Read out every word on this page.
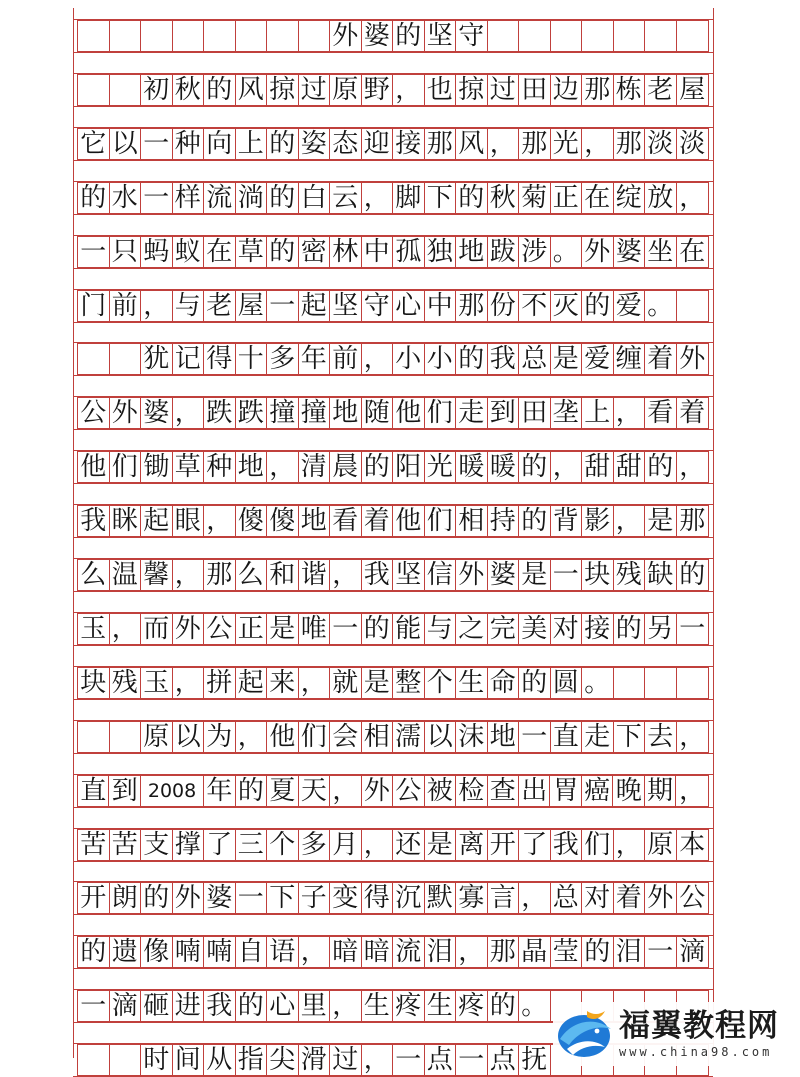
外 婆 的 坚 守
初 秋 的 风 掠 过 原 野 ， 也 掠 过 田 边 那 栋 老 屋
它 以 一 种 向 上 的 姿 态 迎 接 那 风 ， 那 光 ， 那 淡 淡
的 水 一 样 流 淌 的 白 云 ， 脚 下 的 秋 菊 正 在 绽 放 ，
一 只 蚂 蚁 在 草 的 密 林 中 孤 独 地 跋 涉 。 外 婆 坐 在
门 前 ， 与 老 屋 一 起 坚 守 心 中 那 份 不 灭 的 爱 。
犹 记 得 十 多 年 前 ， 小 小 的 我 总 是 爱 缠 着 外
公 外 婆 ， 跌 跌 撞 撞 地 随 他 们 走 到 田 垄 上 ， 看 着
他 们 锄 草 种 地 ， 清 晨 的 阳 光 暖 暖 的 ， 甜 甜 的 ，
我 眯 起 眼 ， 傻 傻 地 看 着 他 们 相 持 的 背 影 ， 是 那
么 温 馨 ， 那 么 和 谐 ， 我 坚 信 外 婆 是 一 块 残 缺 的
玉 ， 而 外 公 正 是 唯 一 的 能 与 之 完 美 对 接 的 另 一
块 残 玉 ， 拼 起 来 ， 就 是 整 个 生 命 的 圆 。
原 以 为 ， 他 们 会 相 濡 以 沫 地 一 直 走 下 去 ，
直 到 2008 年 的 夏 天 ， 外 公 被 检 查 出 胃 癌 晚 期 ，
苦 苦 支 撑 了 三 个 多 月 ， 还 是 离 开 了 我 们 ， 原 本
开 朗 的 外 婆 一 下 子 变 得 沉 默 寡 言 ， 总 对 着 外 公
的 遗 像 喃 喃 自 语 ， 暗 暗 流 泪 ， 那 晶 莹 的 泪 一 滴
一 滴 砸 进 我 的 心 里 ， 生 疼 生 疼 的 。
时 间 从 指 尖 滑 过 ， 一 点 一 点 抚
福翼教程网
www.china98.com
